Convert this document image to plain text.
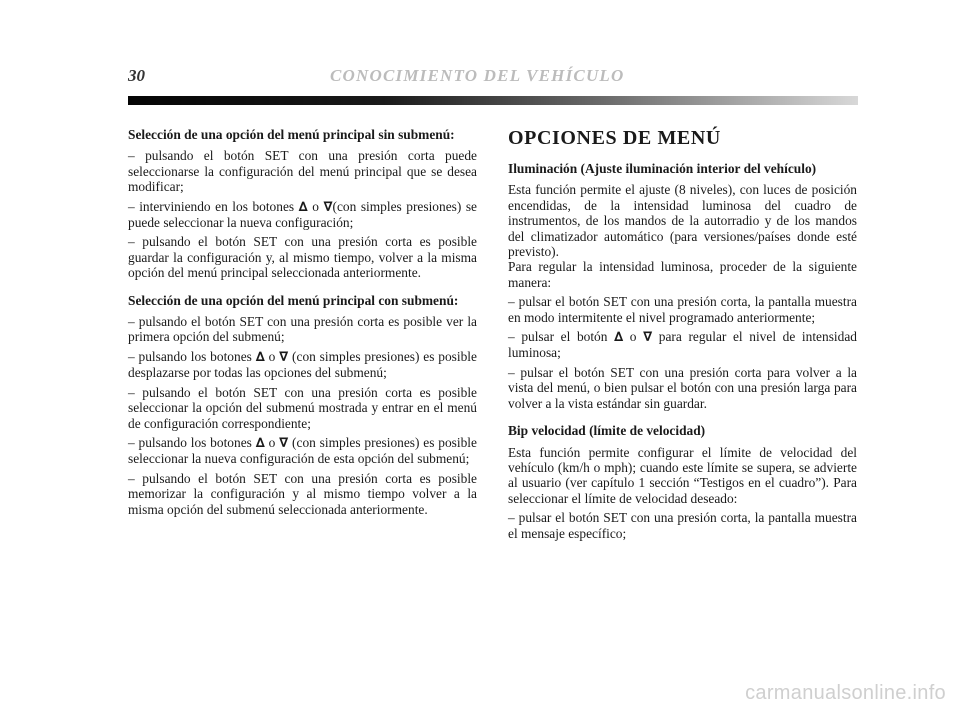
30	CONOCIMIENTO DEL VEHÍCULO
Selección de una opción del menú principal sin submenú:
– pulsando el botón SET con una presión corta puede seleccionarse la configuración del menú principal que se desea modificar;
– interviniendo en los botones ∆ o ∇(con simples presiones) se puede seleccionar la nueva configuración;
– pulsando el botón SET con una presión corta es posible guardar la configuración y, al mismo tiempo, volver a la misma opción del menú principal seleccionada anteriormente.
Selección de una opción del menú principal con submenú:
– pulsando el botón SET con una presión corta es posible ver la primera opción del submenú;
– pulsando los botones ∆ o ∇ (con simples presiones) es posible desplazarse por todas las opciones del submenú;
– pulsando el botón SET con una presión corta es posible seleccionar la opción del submenú mostrada y entrar en el menú de configuración correspondiente;
– pulsando los botones ∆ o ∇ (con simples presiones) es posible seleccionar la nueva configuración de esta opción del submenú;
– pulsando el botón SET con una presión corta es posible memorizar la configuración y al mismo tiempo volver a la misma opción del submenú seleccionada anteriormente.
OPCIONES DE MENÚ
Iluminación (Ajuste iluminación interior del vehículo)
Esta función permite el ajuste (8 niveles), con luces de posición encendidas, de la intensidad luminosa del cuadro de instrumentos, de los mandos de la autorradio y de los mandos del climatizador automático (para versiones/países donde esté previsto).
Para regular la intensidad luminosa, proceder de la siguiente manera:
– pulsar el botón SET con una presión corta, la pantalla muestra en modo intermitente el nivel programado anteriormente;
– pulsar el botón ∆ o ∇ para regular el nivel de intensidad luminosa;
– pulsar el botón SET con una presión corta para volver a la vista del menú, o bien pulsar el botón con una presión larga para volver a la vista estándar sin guardar.
Bip velocidad (límite de velocidad)
Esta función permite configurar el límite de velocidad del vehículo (km/h o mph); cuando este límite se supera, se advierte al usuario (ver capítulo 1 sección “Testigos en el cuadro”). Para seleccionar el límite de velocidad deseado:
– pulsar el botón SET con una presión corta, la pantalla muestra el mensaje específico;
carmanualsonline.info
